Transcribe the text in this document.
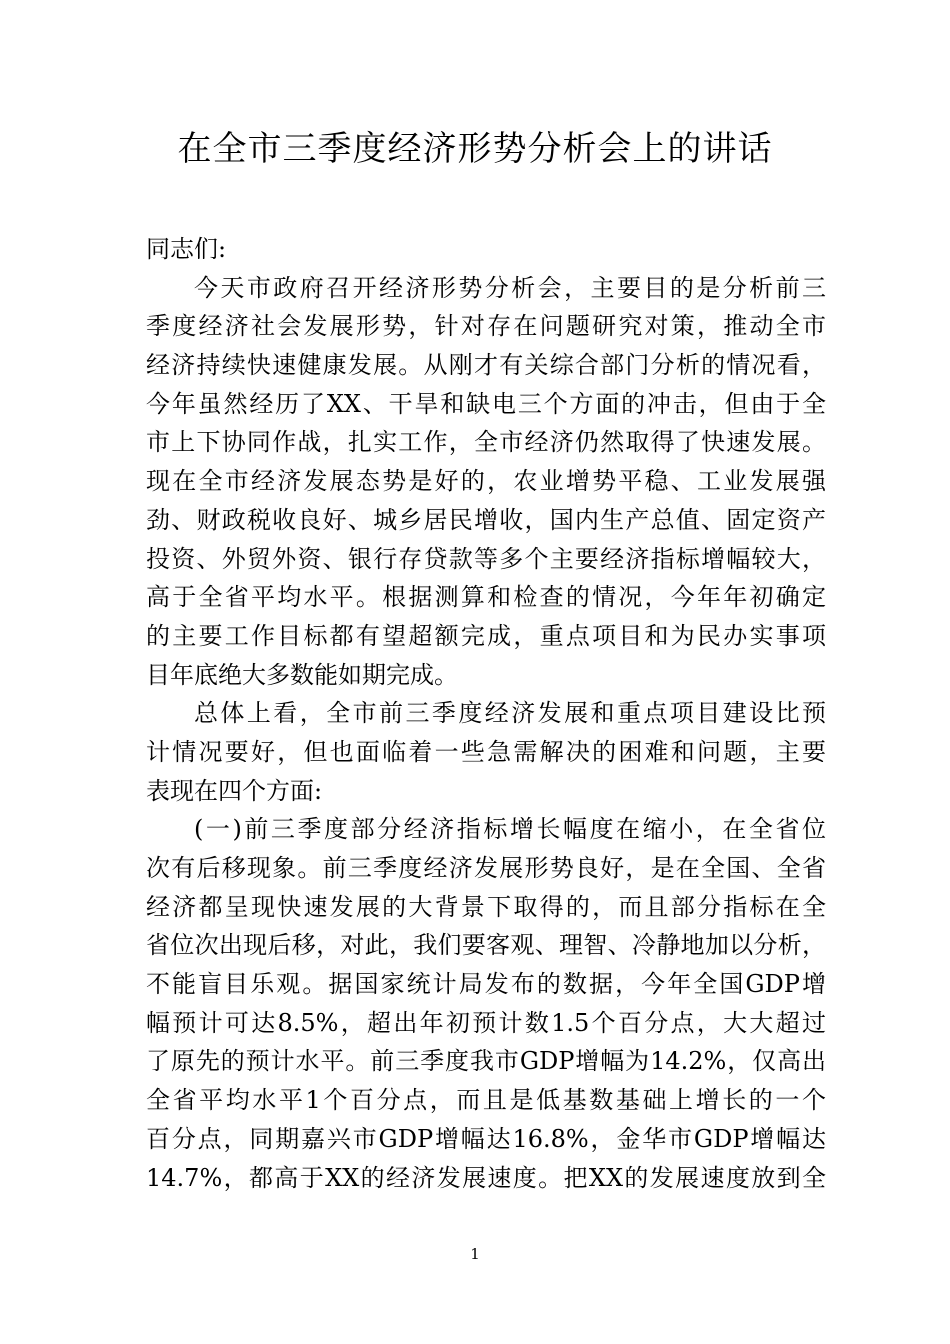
在全市三季度经济形势分析会上的讲话
同志们:
今天市政府召开经济形势分析会，主要目的是分析前三
季度经济社会发展形势，针对存在问题研究对策，推动全市
经济持续快速健康发展。从刚才有关综合部门分析的情况看，
今年虽然经历了XX、干旱和缺电三个方面的冲击，但由于全
市上下协同作战，扎实工作，全市经济仍然取得了快速发展。
现在全市经济发展态势是好的，农业增势平稳、工业发展强
劲、财政税收良好、城乡居民增收，国内生产总值、固定资产
投资、外贸外资、银行存贷款等多个主要经济指标增幅较大，
高于全省平均水平。根据测算和检查的情况，今年年初确定
的主要工作目标都有望超额完成，重点项目和为民办实事项
目年底绝大多数能如期完成。
总体上看，全市前三季度经济发展和重点项目建设比预
计情况要好，但也面临着一些急需解决的困难和问题，主要
表现在四个方面:
(一)前三季度部分经济指标增长幅度在缩小，在全省位
次有后移现象。前三季度经济发展形势良好，是在全国、全省
经济都呈现快速发展的大背景下取得的，而且部分指标在全
省位次出现后移，对此，我们要客观、理智、冷静地加以分析，
不能盲目乐观。据国家统计局发布的数据，今年全国GDP增
幅预计可达8.5%，超出年初预计数1.5个百分点，大大超过
了原先的预计水平。前三季度我市GDP增幅为14.2%，仅高出
全省平均水平1个百分点，而且是低基数基础上增长的一个
百分点，同期嘉兴市GDP增幅达16.8%，金华市GDP增幅达
14.7%，都高于XX的经济发展速度。把XX的发展速度放到全
1
